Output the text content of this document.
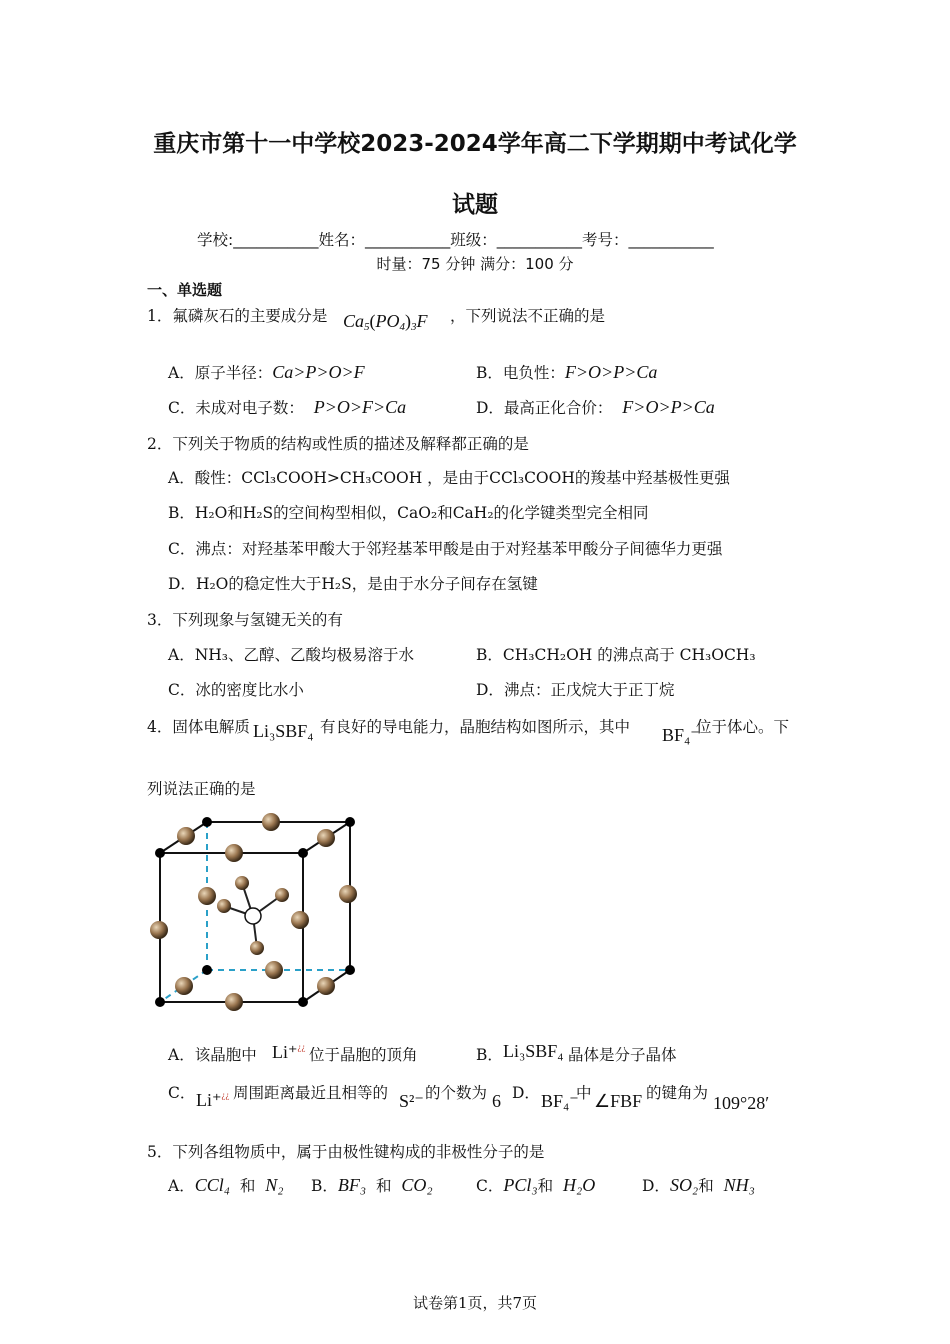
重庆市第十一中学校2023-2024学年高二下学期期中考试化学
试题
学校:___________姓名：___________班级：___________考号：___________
时量：75 分钟 满分：100 分
一、单选题
1．氟磷灰石的主要成分是 $Ca_5(PO_4)_3F$ ，下列说法不正确的是
A．原子半径：Ca>P>O>F	B．电负性：F>O>P>Ca
C．未成对电子数： P>O>F>Ca	D．最高正化合价： F>O>P>Ca
2．下列关于物质的结构或性质的描述及解释都正确的是
A．酸性：CCl₃COOH>CH₃COOH ，是由于CCl₃COOH的羧基中羟基极性更强
B．H₂O和H₂S的空间构型相似，CaO₂和CaH₂的化学键类型完全相同
C．沸点：对羟基苯甲酸大于邻羟基苯甲酸是由于对羟基苯甲酸分子间德华力更强
D．H₂O的稳定性大于H₂S，是由于水分子间存在氢键
3．下列现象与氢键无关的有
A．NH₃、乙醇、乙酸均极易溶于水	B．CH₃CH₂OH 的沸点高于 CH₃OCH₃
C．冰的密度比水小	D．沸点：正戊烷大于正丁烷
4．固体电解质 Li₃SBF₄ 有良好的导电能力，晶胞结构如图所示，其中 BF₄⁻
位于体心。下
列说法正确的是
A．该晶胞中 Li⁺¿¿ 位于晶胞的顶角	B． Li₃SBF₄ 晶体是分子晶体
C． Li⁺¿¿ 周围距离最近且相等的 S²⁻ 的个数为 6 D． BF₄⁻
中 ∠FBF 的键角为 109°28′
5．下列各组物质中，属于由极性键构成的非极性分子的是
A．CCl₄ 和 N₂ B．BF₃ 和 CO₂	C．PCl₃和 H₂O	D．SO₂和 NH₃
试卷第1页，共7页
